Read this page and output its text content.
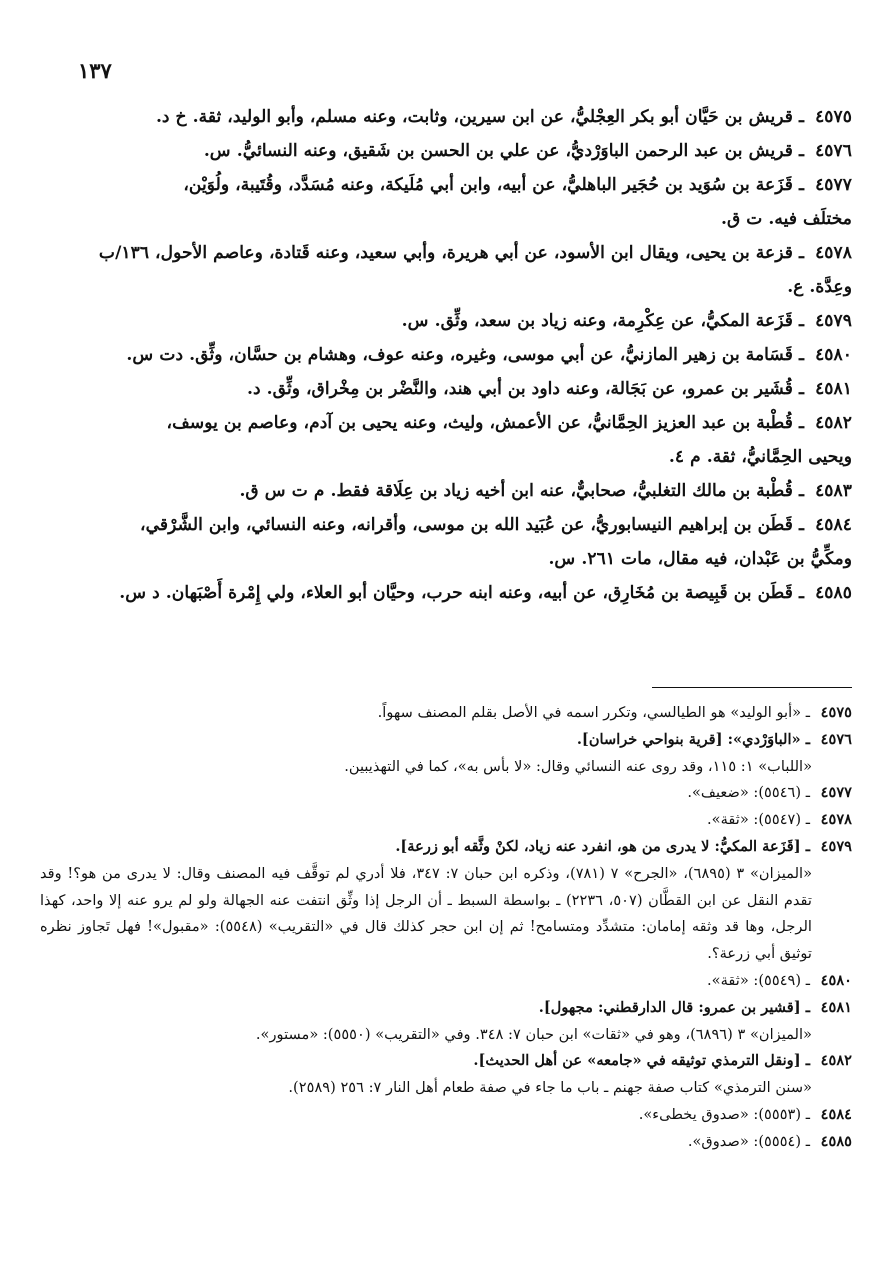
١٣٧
٤٥٧٥ـ قريش بن حَيَّان أبو بكر العِجْليُّ، عن ابن سيرين، وثابت، وعنه مسلم، وأبو الوليد، ثقة. خ د.
٤٥٧٦ـ قريش بن عبد الرحمن الباوَرْديُّ، عن علي بن الحسن بن شَقيق، وعنه النسائيُّ. س.
٤٥٧٧ـ قَزَعة بن سُوَيد بن حُجَير الباهليُّ، عن أبيه، وابن أبي مُلَيكة، وعنه مُسَدَّد، وقُتَيبة، ولُوَيْن،
مختلَف فيه. ت ق.
٤٥٧٨ـ قزعة بن يحيى، ويقال ابن الأسود، عن أبي هريرة، وأبي سعيد، وعنه قَتادة، وعاصم الأحول، ١٣٦/ب
وعِدَّة. ع.
٤٥٧٩ـ قَزَعة المكيُّ، عن عِكْرِمة، وعنه زياد بن سعد، وثِّق. س.
٤٥٨٠ـ قَسَامة بن زهير المازنيُّ، عن أبي موسى، وغيره، وعنه عوف، وهشام بن حسَّان، وثِّق. دت س.
٤٥٨١ـ قُشَير بن عمرو، عن بَجَالة، وعنه داود بن أبي هند، والنَّضْر بن مِخْراق، وثِّق. د.
٤٥٨٢ـ قُطْبة بن عبد العزيز الحِمَّانيُّ، عن الأعمش، وليث، وعنه يحيى بن آدم، وعاصم بن يوسف،
ويحيى الحِمَّانيُّ، ثقة. م ٤.
٤٥٨٣ـ قُطْبة بن مالك التغلبيُّ، صحابيٌّ، عنه ابن أخيه زياد بن عِلَاقة فقط. م ت س ق.
٤٥٨٤ـ قَطَن بن إبراهيم النيسابوريُّ، عن عُبَيد الله بن موسى، وأقرانه، وعنه النسائي، وابن الشَّرْقي،
ومكِّيُّ بن عَبْدان، فيه مقال، مات ٢٦١. س.
٤٥٨٥ـ قَطَن بن قَبِيصة بن مُخَارِق، عن أبيه، وعنه ابنه حرب، وحيَّان أبو العلاء، ولي إِمْرة أَصْبَهان. د س.
٤٥٧٥ـ «أبو الوليد» هو الطيالسي، وتكرر اسمه في الأصل بقلم المصنف سهواً.
٤٥٧٦ـ «الباوَرْدي»: [قرية بنواحي خراسان].
«اللباب» ١: ١١٥، وقد روى عنه النسائي وقال: «لا بأس به»، كما في التهذيبين.
٤٥٧٧ـ (٥٥٤٦): «ضعيف».
٤٥٧٨ـ (٥٥٤٧): «ثقة».
٤٥٧٩ـ [قَزَعة المكيُّ: لا يدرى من هو، انفرد عنه زياد، لكنْ وثَّقه أبو زرعة].
«الميزان» ٣ (٦٨٩٥)، «الجرح» ٧ (٧٨١)، وذكره ابن حبان ٧: ٣٤٧، فلا أدري لم توقَّف فيه المصنف وقال: لا يدرى من هو؟! وقد تقدم النقل عن ابن القطَّان (٥٠٧، ٢٢٣٦) ـ بواسطة السبط ـ أن الرجل إذا وثِّق انتفت عنه الجهالة ولو لم يرو عنه إلا واحد، كهذا الرجل، وها قد وثقه إمامان: متشدِّد ومتسامح! ثم إن ابن حجر كذلك قال في «التقريب» (٥٥٤٨): «مقبول»! فهل تَجاوز نظره توثيق أبي زرعة؟.
٤٥٨٠ـ (٥٥٤٩): «ثقة».
٤٥٨١ـ [قشير بن عمرو: قال الدارقطني: مجهول].
«الميزان» ٣ (٦٨٩٦)، وهو في «ثقات» ابن حبان ٧: ٣٤٨. وفي «التقريب» (٥٥٥٠): «مستور».
٤٥٨٢ـ [ونقل الترمذي توثيقه في «جامعه» عن أهل الحديث].
«سنن الترمذي» كتاب صفة جهنم ـ باب ما جاء في صفة طعام أهل النار ٧: ٢٥٦ (٢٥٨٩).
٤٥٨٤ـ (٥٥٥٣): «صدوق يخطىء».
٤٥٨٥ـ (٥٥٥٤): «صدوق».
